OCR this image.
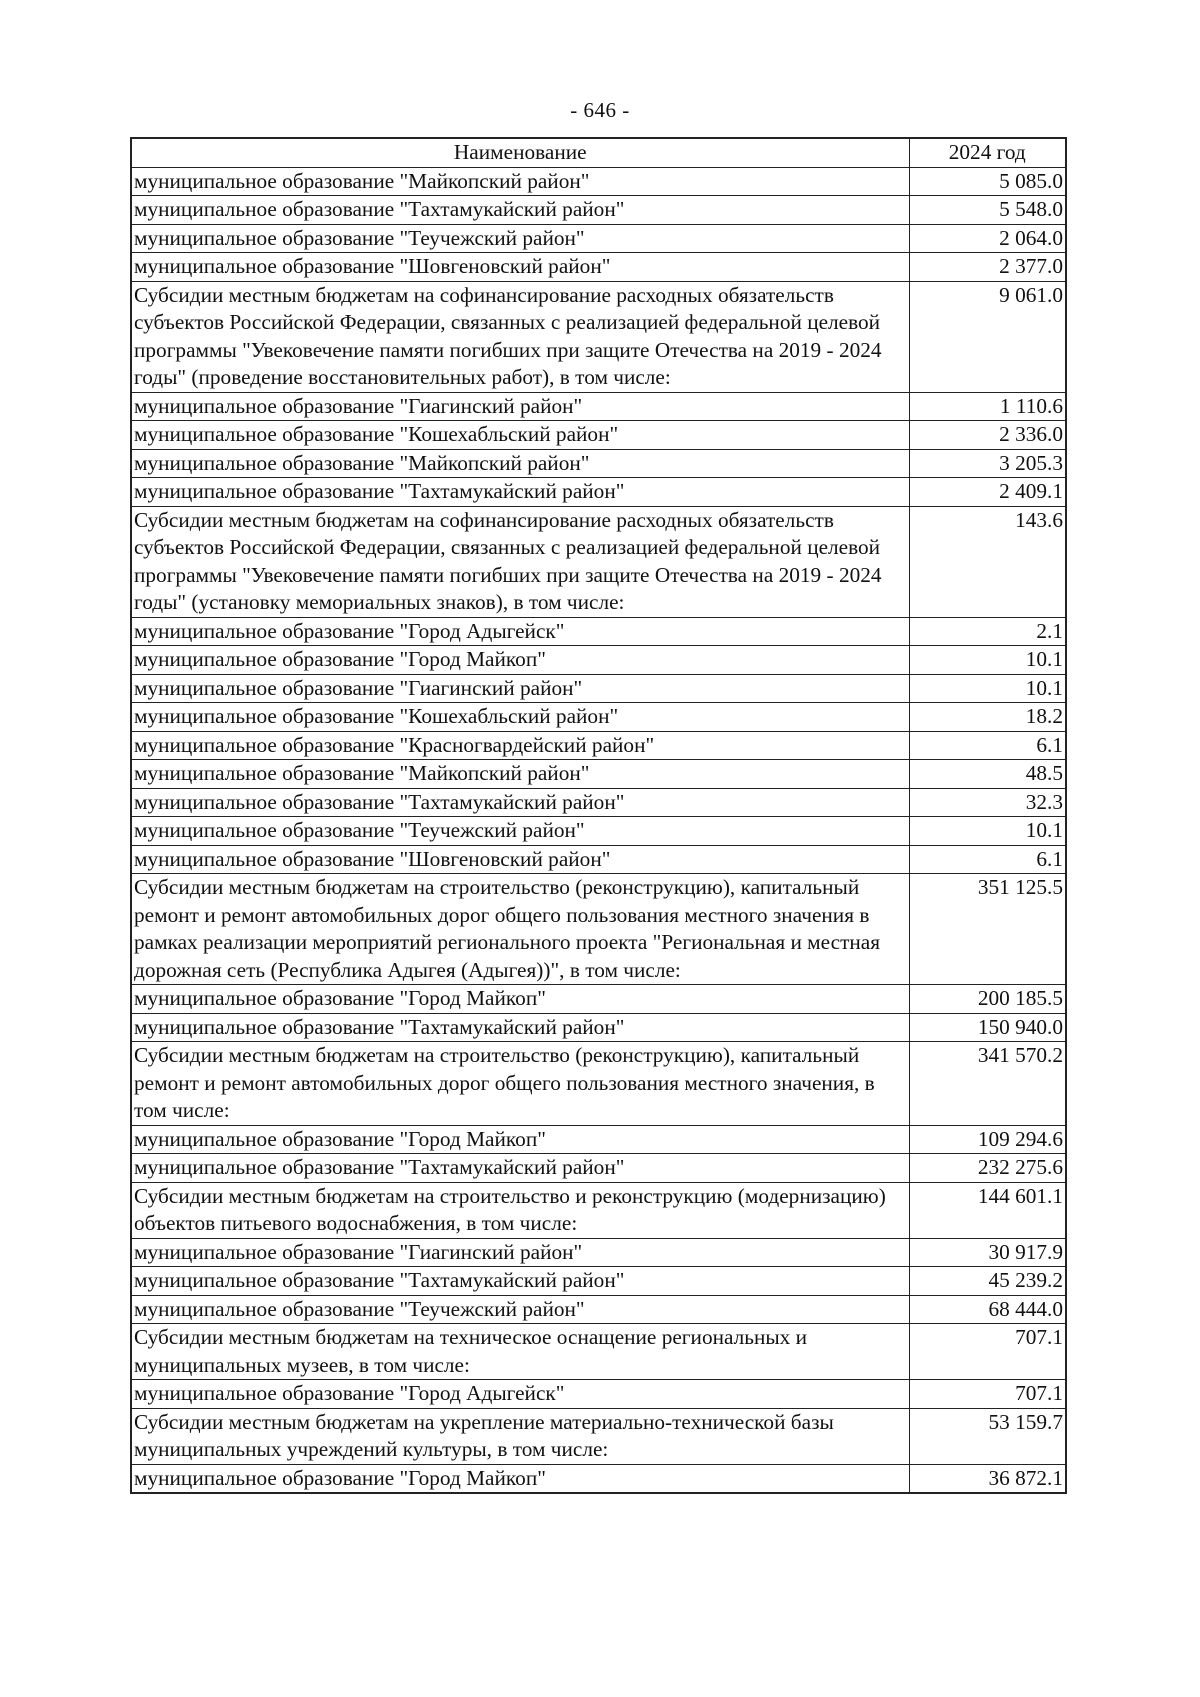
- 646 -
Наименование	2024 год
муниципальное образование "Майкопский район"	5 085.0
муниципальное образование "Тахтамукайский район"	5 548.0
муниципальное образование "Теучежский район"	2 064.0
муниципальное образование "Шовгеновский район"	2 377.0
Субсидии местным бюджетам на софинансирование расходных обязательств субъектов Российской Федерации, связанных с реализацией федеральной целевой программы "Увековечение памяти погибших при защите Отечества на 2019 - 2024 годы" (проведение восстановительных работ), в том числе:	9 061.0
муниципальное образование "Гиагинский район"	1 110.6
муниципальное образование "Кошехабльский район"	2 336.0
муниципальное образование "Майкопский район"	3 205.3
муниципальное образование "Тахтамукайский район"	2 409.1
Субсидии местным бюджетам на софинансирование расходных обязательств субъектов Российской Федерации, связанных с реализацией федеральной целевой программы "Увековечение памяти погибших при защите Отечества на 2019 - 2024 годы" (установку мемориальных знаков), в том числе:	143.6
муниципальное образование "Город Адыгейск"	2.1
муниципальное образование "Город Майкоп"	10.1
муниципальное образование "Гиагинский район"	10.1
муниципальное образование "Кошехабльский район"	18.2
муниципальное образование "Красногвардейский район"	6.1
муниципальное образование "Майкопский район"	48.5
муниципальное образование "Тахтамукайский район"	32.3
муниципальное образование "Теучежский район"	10.1
муниципальное образование "Шовгеновский район"	6.1
Субсидии местным бюджетам на строительство (реконструкцию), капитальный ремонт и ремонт автомобильных дорог общего пользования местного значения в рамках реализации мероприятий регионального проекта "Региональная и местная дорожная сеть (Республика Адыгея (Адыгея))", в том числе:	351 125.5
муниципальное образование "Город Майкоп"	200 185.5
муниципальное образование "Тахтамукайский район"	150 940.0
Субсидии местным бюджетам на строительство (реконструкцию), капитальный ремонт и ремонт автомобильных дорог общего пользования местного значения, в том числе:	341 570.2
муниципальное образование "Город Майкоп"	109 294.6
муниципальное образование "Тахтамукайский район"	232 275.6
Субсидии местным бюджетам на строительство и реконструкцию (модернизацию) объектов питьевого водоснабжения, в том числе:	144 601.1
муниципальное образование "Гиагинский район"	30 917.9
муниципальное образование "Тахтамукайский район"	45 239.2
муниципальное образование "Теучежский район"	68 444.0
Субсидии местным бюджетам на техническое оснащение региональных и муниципальных музеев, в том числе:	707.1
муниципальное образование "Город Адыгейск"	707.1
Субсидии местным бюджетам на укрепление материально-технической базы муниципальных учреждений культуры, в том числе:	53 159.7
муниципальное образование "Город Майкоп"	36 872.1
